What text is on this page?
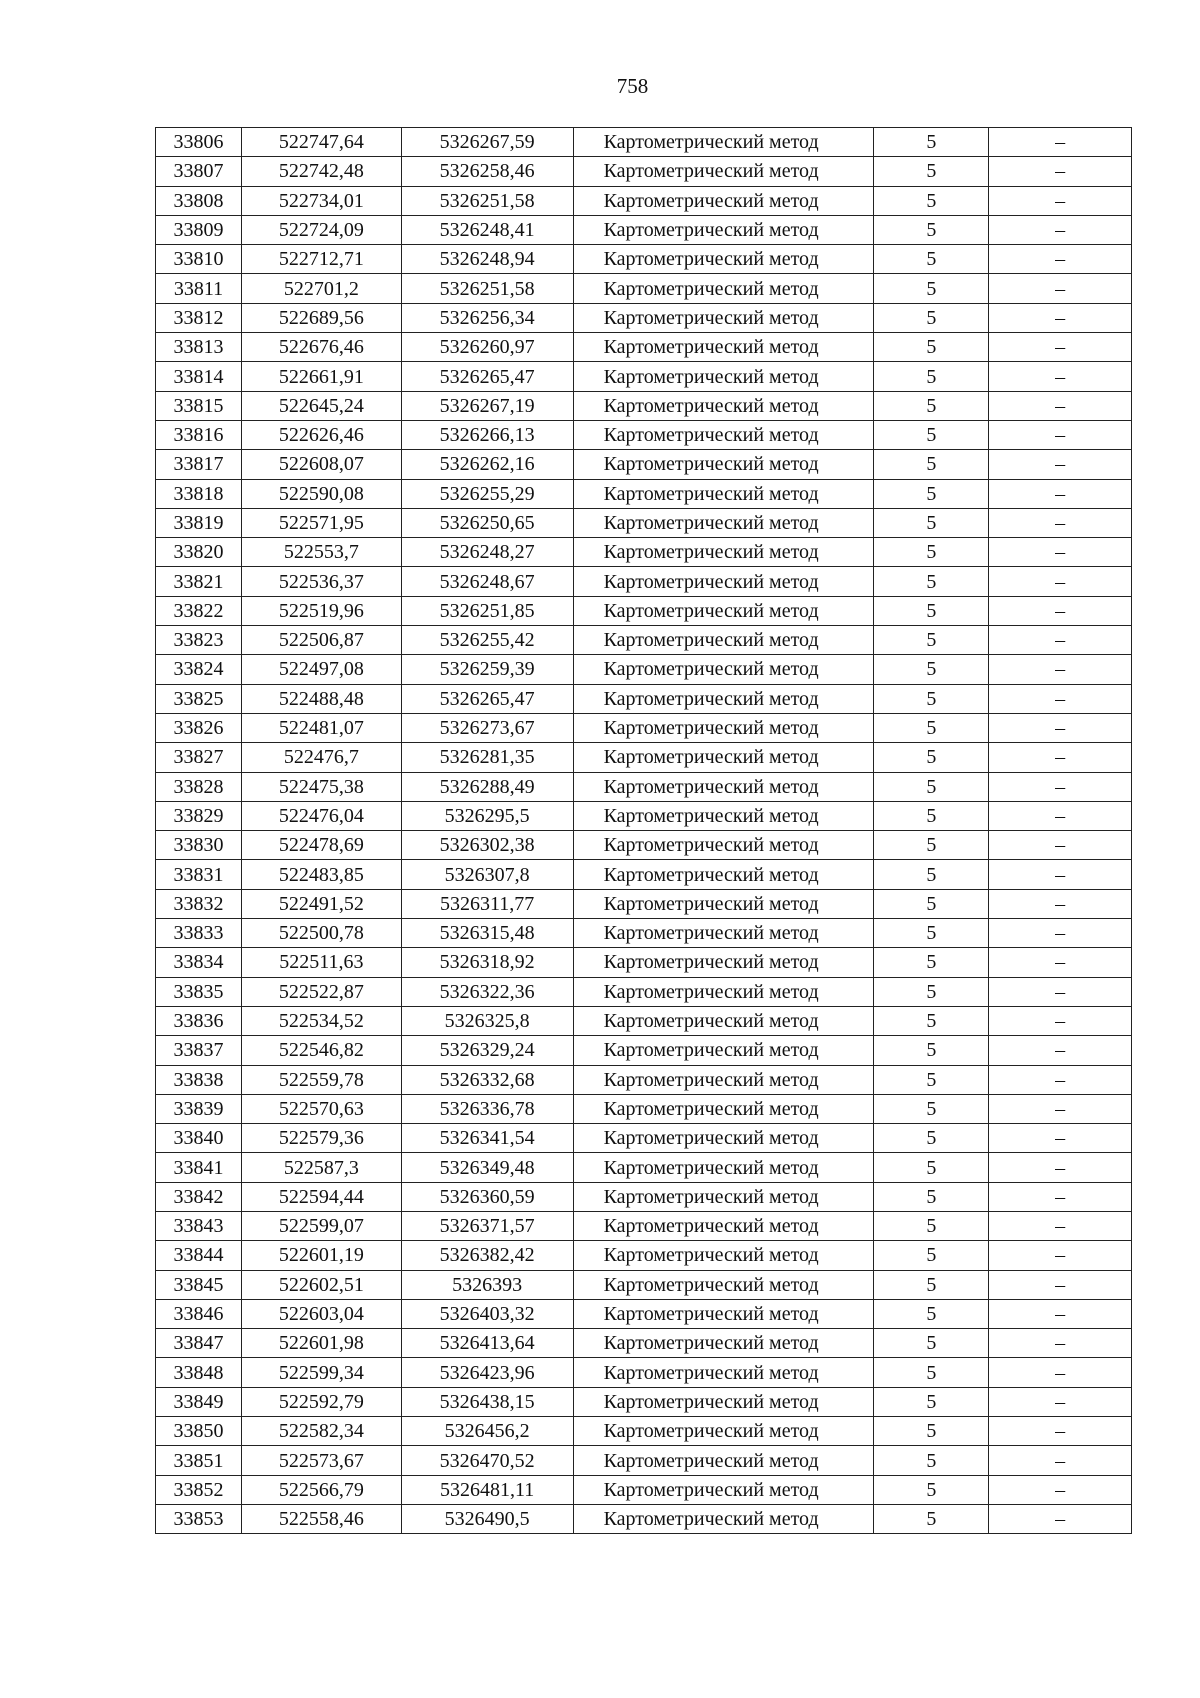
758
33806	522747,64	5326267,59	Картометрический метод	5	–
33807	522742,48	5326258,46	Картометрический метод	5	–
33808	522734,01	5326251,58	Картометрический метод	5	–
33809	522724,09	5326248,41	Картометрический метод	5	–
33810	522712,71	5326248,94	Картометрический метод	5	–
33811	522701,2	5326251,58	Картометрический метод	5	–
33812	522689,56	5326256,34	Картометрический метод	5	–
33813	522676,46	5326260,97	Картометрический метод	5	–
33814	522661,91	5326265,47	Картометрический метод	5	–
33815	522645,24	5326267,19	Картометрический метод	5	–
33816	522626,46	5326266,13	Картометрический метод	5	–
33817	522608,07	5326262,16	Картометрический метод	5	–
33818	522590,08	5326255,29	Картометрический метод	5	–
33819	522571,95	5326250,65	Картометрический метод	5	–
33820	522553,7	5326248,27	Картометрический метод	5	–
33821	522536,37	5326248,67	Картометрический метод	5	–
33822	522519,96	5326251,85	Картометрический метод	5	–
33823	522506,87	5326255,42	Картометрический метод	5	–
33824	522497,08	5326259,39	Картометрический метод	5	–
33825	522488,48	5326265,47	Картометрический метод	5	–
33826	522481,07	5326273,67	Картометрический метод	5	–
33827	522476,7	5326281,35	Картометрический метод	5	–
33828	522475,38	5326288,49	Картометрический метод	5	–
33829	522476,04	5326295,5	Картометрический метод	5	–
33830	522478,69	5326302,38	Картометрический метод	5	–
33831	522483,85	5326307,8	Картометрический метод	5	–
33832	522491,52	5326311,77	Картометрический метод	5	–
33833	522500,78	5326315,48	Картометрический метод	5	–
33834	522511,63	5326318,92	Картометрический метод	5	–
33835	522522,87	5326322,36	Картометрический метод	5	–
33836	522534,52	5326325,8	Картометрический метод	5	–
33837	522546,82	5326329,24	Картометрический метод	5	–
33838	522559,78	5326332,68	Картометрический метод	5	–
33839	522570,63	5326336,78	Картометрический метод	5	–
33840	522579,36	5326341,54	Картометрический метод	5	–
33841	522587,3	5326349,48	Картометрический метод	5	–
33842	522594,44	5326360,59	Картометрический метод	5	–
33843	522599,07	5326371,57	Картометрический метод	5	–
33844	522601,19	5326382,42	Картометрический метод	5	–
33845	522602,51	5326393	Картометрический метод	5	–
33846	522603,04	5326403,32	Картометрический метод	5	–
33847	522601,98	5326413,64	Картометрический метод	5	–
33848	522599,34	5326423,96	Картометрический метод	5	–
33849	522592,79	5326438,15	Картометрический метод	5	–
33850	522582,34	5326456,2	Картометрический метод	5	–
33851	522573,67	5326470,52	Картометрический метод	5	–
33852	522566,79	5326481,11	Картометрический метод	5	–
33853	522558,46	5326490,5	Картометрический метод	5	–
